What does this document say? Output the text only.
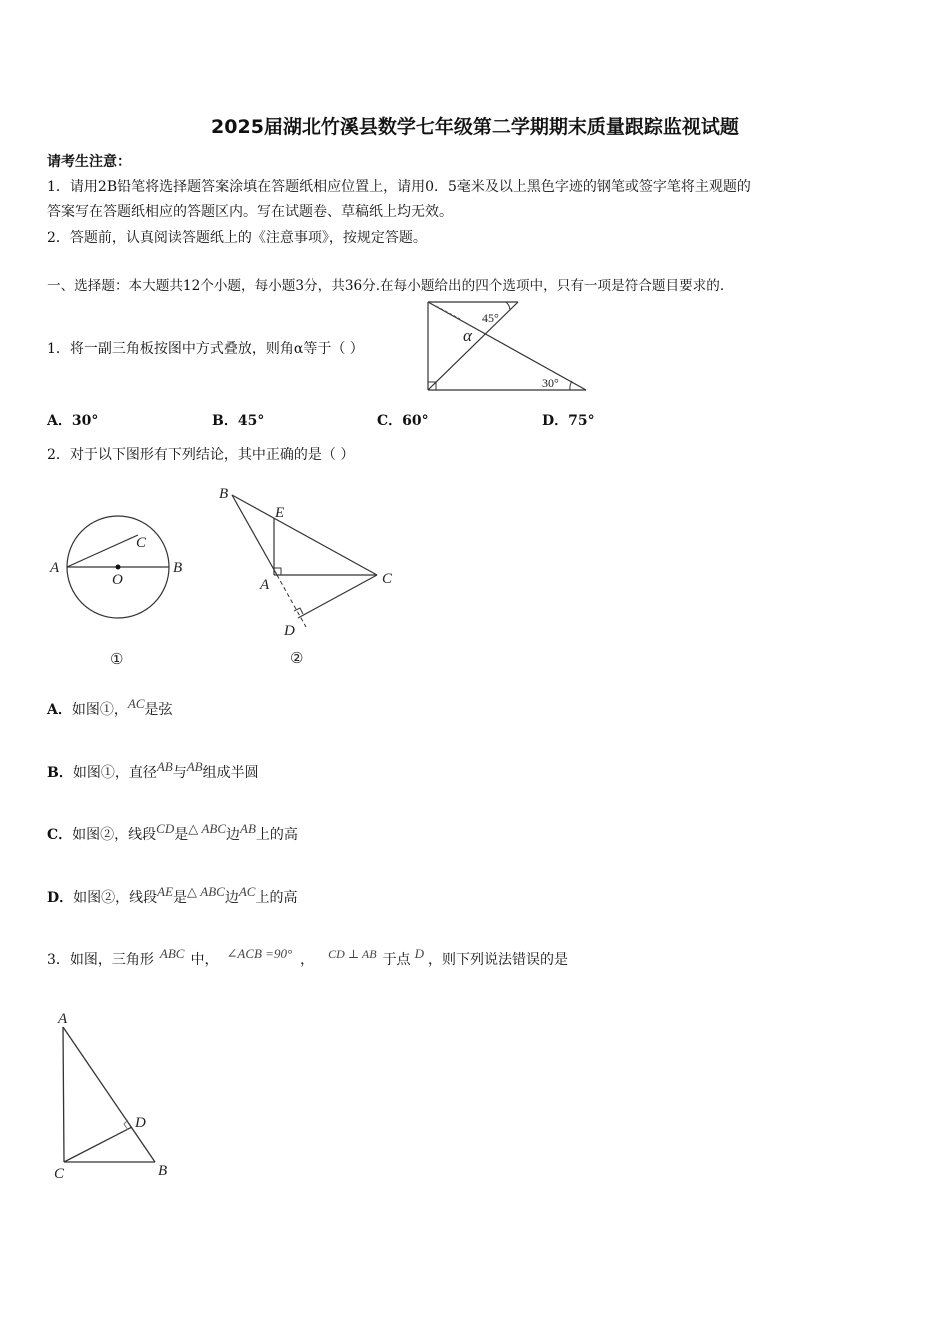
2025届湖北竹溪县数学七年级第二学期期末质量跟踪监视试题
请考生注意：
1．请用2B铅笔将选择题答案涂填在答题纸相应位置上，请用0．5毫米及以上黑色字迹的钢笔或签字笔将主观题的
答案写在答题纸相应的答题区内。写在试题卷、草稿纸上均无效。
2．答题前，认真阅读答题纸上的《注意事项》，按规定答题。
一、选择题：本大题共12个小题，每小题3分，共36分.在每小题给出的四个选项中，只有一项是符合题目要求的.
1．将一副三角板按图中方式叠放，则角α等于（ ）
45°
α
30°
A．30°	B．45°	C．60°	D．75°
2．对于以下图形有下列结论，其中正确的是（ ）
A	B
C
O
①
B
E
A	C
D
②
A．如图①，AC是弦
B．如图①，直径AB与AB组成半圆
C．如图②，线段CD是△ ABC边AB上的高
D．如图②，线段AE是△ ABC边AC上的高
3．如图，三角形 ABC 中， ∠ACB =90° ， CD ⊥ AB 于点 D ，则下列说法错误的是
A
C	B
D
